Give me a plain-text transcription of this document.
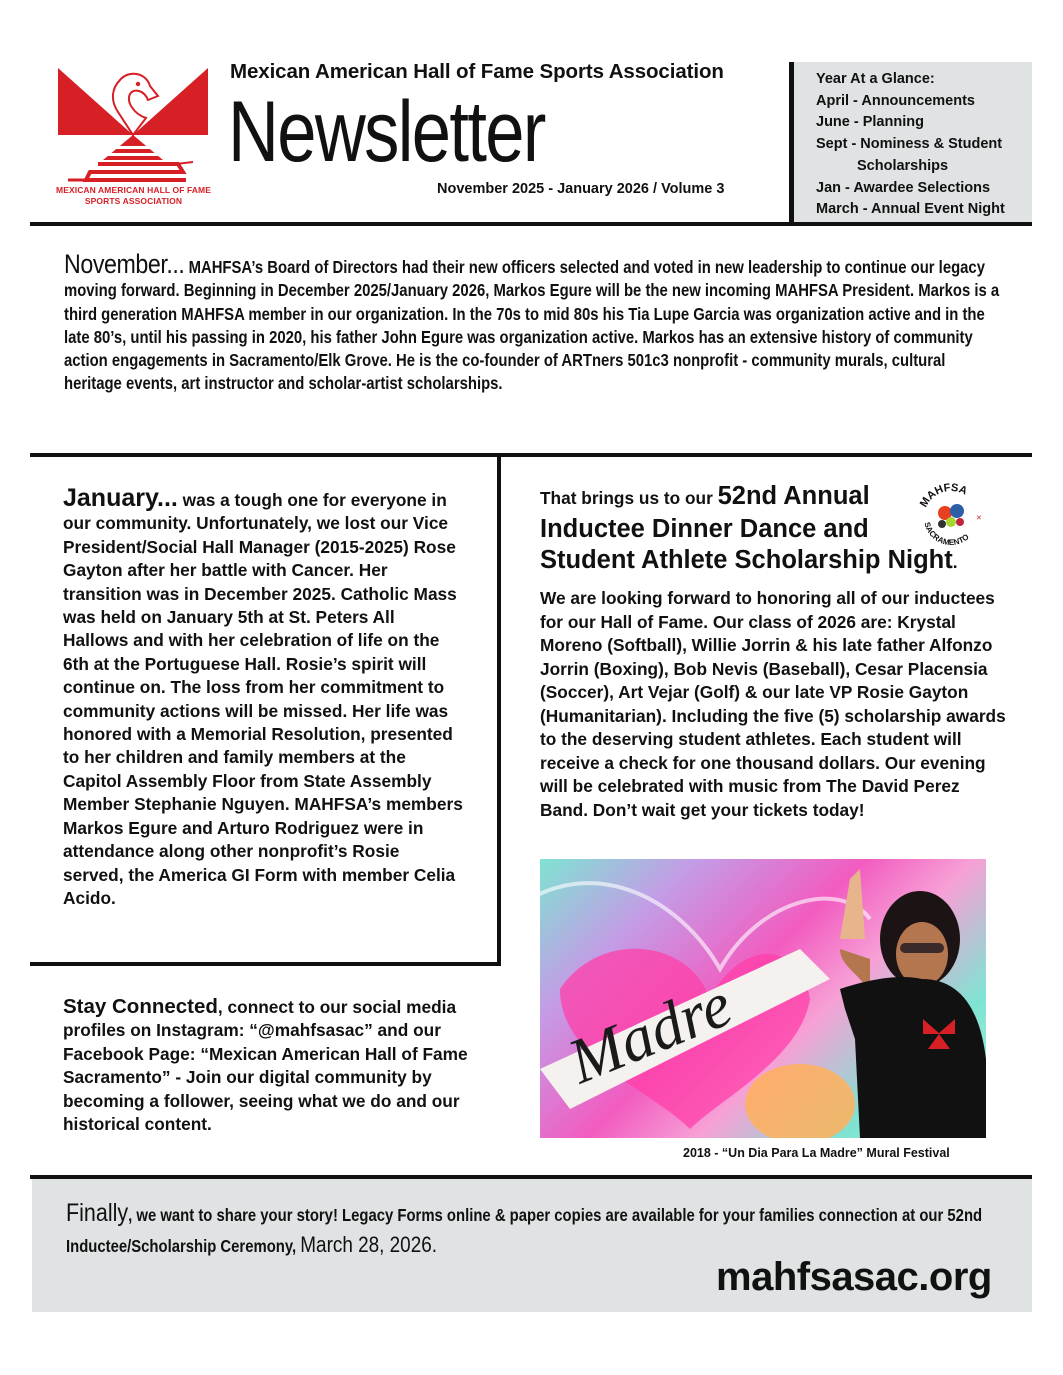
MEXICAN AMERICAN HALL OF FAME
SPORTS ASSOCIATION
Mexican American Hall of Fame Sports Association
Newsletter
November 2025 - January 2026 / Volume 3
Year At a Glance:
April - Announcements
June - Planning
Sept - Nominess & Student
Scholarships
Jan - Awardee Selections
March - Annual Event Night
November... MAHFSA’s Board of Directors had their new officers selected and voted in new leadership to continue our legacy moving forward. Beginning in December 2025/January 2026, Markos Egure will be the new incoming MAHFSA President. Markos is a third generation MAHFSA member in our organization. In the 70s to mid 80s his Tia Lupe Garcia was organization active and in the late 80’s, until his passing in 2020, his father John Egure was organization active. Markos has an extensive history of community action engagements in Sacramento/Elk Grove. He is the co-founder of ARTners 501c3 nonprofit - community murals, cultural heritage events, art instructor and scholar-artist scholarships.
January... was a tough one for everyone in our community. Unfortunately, we lost our Vice President/Social Hall Manager (2015-2025) Rose Gayton after her battle with Cancer. Her transition was in December 2025. Catholic Mass was held on January 5th at St. Peters All Hallows and with her celebration of life on the 6th at the Portuguese Hall. Rosie’s spirit will continue on. The loss from her commitment to community actions will be missed. Her life was honored with a Memorial Resolution, presented to her children and family members at the Capitol Assembly Floor from State Assembly Member Stephanie Nguyen. MAHFSA’s members Markos Egure and Arturo Rodriguez were in attendance along other nonprofit’s Rosie served, the America GI Form with member Celia Acido.
That brings us to our 52nd Annual
Inductee Dinner Dance and
Student Athlete Scholarship Night.
MAHFSA
SACRAMENTO
✕
We are looking forward to honoring all of our inductees for our Hall of Fame. Our class of 2026 are: Krystal Moreno (Softball), Willie Jorrin & his late father Alfonzo Jorrin (Boxing), Bob Nevis (Baseball), Cesar Placensia (Soccer), Art Vejar (Golf) & our late VP Rosie Gayton (Humanitarian). Including the five (5) scholarship awards to the deserving student athletes. Each student will receive a check for one thousand dollars. Our evening will be celebrated with music from The David Perez Band. Don’t wait get your tickets today!
Madre
2018 - “Un Dia Para La Madre” Mural Festival
Stay Connected, connect to our social media profiles on Instagram: “@mahfsasac” and our Facebook Page: “Mexican American Hall of Fame Sacramento” - Join our digital community by becoming a follower, seeing what we do and our historical content.
Finally, we want to share your story! Legacy Forms online & paper copies are available for your families connection at our 52nd Inductee/Scholarship Ceremony, March 28, 2026.
mahfsasac.org
